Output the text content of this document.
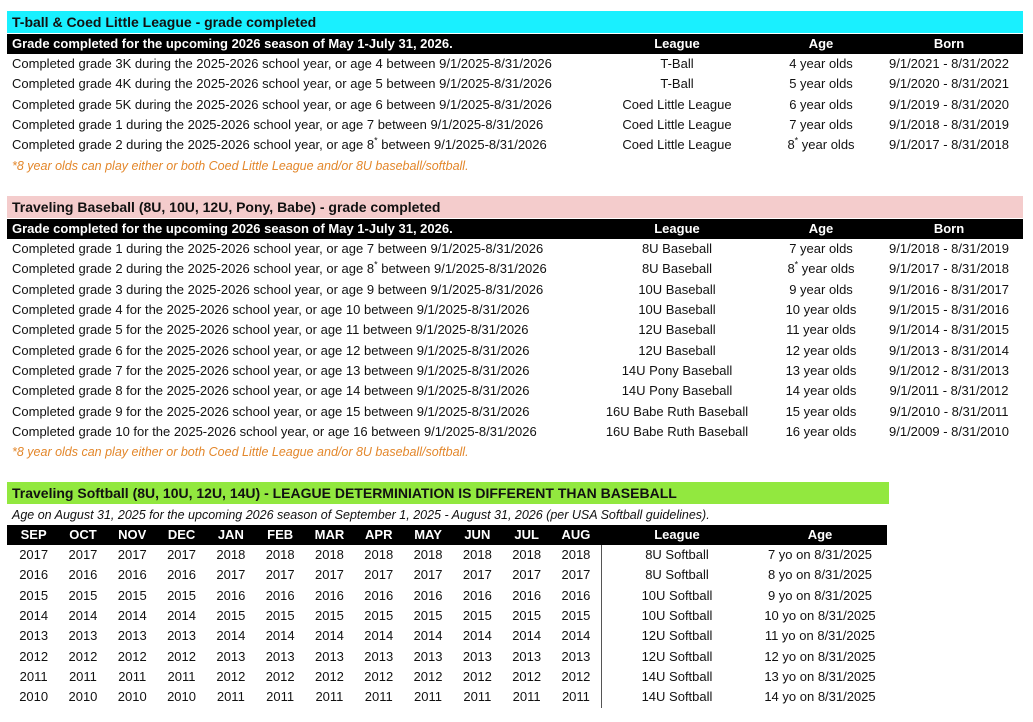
T-ball & Coed Little League - grade completed
Grade completed for the upcoming 2026 season of May 1-July 31, 2026.	League	Age	Born
Completed grade 3K during the 2025-2026 school year, or age 4 between 9/1/2025-8/31/2026	T-Ball	4 year olds	9/1/2021 - 8/31/2022
Completed grade 4K during the 2025-2026 school year, or age 5 between 9/1/2025-8/31/2026	T-Ball	5 year olds	9/1/2020 - 8/31/2021
Completed grade 5K during the 2025-2026 school year, or age 6 between 9/1/2025-8/31/2026	Coed Little League	6 year olds	9/1/2019 - 8/31/2020
Completed grade 1 during the 2025-2026 school year, or age 7 between 9/1/2025-8/31/2026	Coed Little League	7 year olds	9/1/2018 - 8/31/2019
Completed grade 2 during the 2025-2026 school year, or age 8* between 9/1/2025-8/31/2026	Coed Little League	8* year olds	9/1/2017 - 8/31/2018
*8 year olds can play either or both Coed Little League and/or 8U baseball/softball.
Traveling Baseball (8U, 10U, 12U, Pony, Babe) - grade completed
Grade completed for the upcoming 2026 season of May 1-July 31, 2026.	League	Age	Born
Completed grade 1 during the 2025-2026 school year, or age 7 between 9/1/2025-8/31/2026	8U Baseball	7 year olds	9/1/2018 - 8/31/2019
Completed grade 2 during the 2025-2026 school year, or age 8* between 9/1/2025-8/31/2026	8U Baseball	8* year olds	9/1/2017 - 8/31/2018
Completed grade 3 during the 2025-2026 school year, or age 9 between 9/1/2025-8/31/2026	10U Baseball	9 year olds	9/1/2016 - 8/31/2017
Completed grade 4 for the 2025-2026 school year, or age 10 between 9/1/2025-8/31/2026	10U Baseball	10 year olds	9/1/2015 - 8/31/2016
Completed grade 5 for the 2025-2026 school year, or age 11 between 9/1/2025-8/31/2026	12U Baseball	11 year olds	9/1/2014 - 8/31/2015
Completed grade 6 for the 2025-2026 school year, or age 12 between 9/1/2025-8/31/2026	12U Baseball	12 year olds	9/1/2013 - 8/31/2014
Completed grade 7 for the 2025-2026 school year, or age 13 between 9/1/2025-8/31/2026	14U Pony Baseball	13 year olds	9/1/2012 - 8/31/2013
Completed grade 8 for the 2025-2026 school year, or age 14 between 9/1/2025-8/31/2026	14U Pony Baseball	14 year olds	9/1/2011 - 8/31/2012
Completed grade 9 for the 2025-2026 school year, or age 15 between 9/1/2025-8/31/2026	16U Babe Ruth Baseball	15 year olds	9/1/2010 - 8/31/2011
Completed grade 10 for the 2025-2026 school year, or age 16 between 9/1/2025-8/31/2026	16U Babe Ruth Baseball	16 year olds	9/1/2009 - 8/31/2010
*8 year olds can play either or both Coed Little League and/or 8U baseball/softball.
Traveling Softball (8U, 10U, 12U, 14U) - LEAGUE DETERMINIATION IS DIFFERENT THAN BASEBALL
Age on August 31, 2025 for the upcoming 2026 season of September 1, 2025 - August 31, 2026 (per USA Softball guidelines).
SEP	OCT	NOV	DEC	JAN	FEB	MAR	APR	MAY	JUN	JUL	AUG	League	Age
2017	2017	2017	2017	2018	2018	2018	2018	2018	2018	2018	2018	8U Softball	7 yo on 8/31/2025
2016	2016	2016	2016	2017	2017	2017	2017	2017	2017	2017	2017	8U Softball	8 yo on 8/31/2025
2015	2015	2015	2015	2016	2016	2016	2016	2016	2016	2016	2016	10U Softball	9 yo on 8/31/2025
2014	2014	2014	2014	2015	2015	2015	2015	2015	2015	2015	2015	10U Softball	10 yo on 8/31/2025
2013	2013	2013	2013	2014	2014	2014	2014	2014	2014	2014	2014	12U Softball	11 yo on 8/31/2025
2012	2012	2012	2012	2013	2013	2013	2013	2013	2013	2013	2013	12U Softball	12 yo on 8/31/2025
2011	2011	2011	2011	2012	2012	2012	2012	2012	2012	2012	2012	14U Softball	13 yo on 8/31/2025
2010	2010	2010	2010	2011	2011	2011	2011	2011	2011	2011	2011	14U Softball	14 yo on 8/31/2025
